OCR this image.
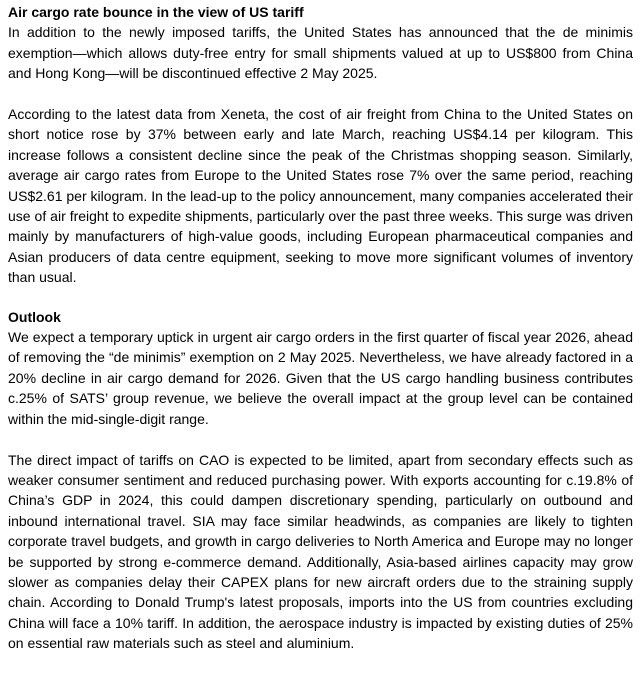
Air cargo rate bounce in the view of US tariff

In addition to the newly imposed tariffs, the United States has announced that the de minimis exemption—which allows duty-free entry for small shipments valued at up to US$800 from China and Hong Kong—will be discontinued effective 2 May 2025.

According to the latest data from Xeneta, the cost of air freight from China to the United States on short notice rose by 37% between early and late March, reaching US$4.14 per kilogram. This increase follows a consistent decline since the peak of the Christmas shopping season. Similarly, average air cargo rates from Europe to the United States rose 7% over the same period, reaching US$2.61 per kilogram. In the lead-up to the policy announcement, many companies accelerated their use of air freight to expedite shipments, particularly over the past three weeks. This surge was driven mainly by manufacturers of high-value goods, including European pharmaceutical companies and Asian producers of data centre equipment, seeking to move more significant volumes of inventory than usual.

Outlook

We expect a temporary uptick in urgent air cargo orders in the first quarter of fiscal year 2026, ahead of removing the “de minimis” exemption on 2 May 2025. Nevertheless, we have already factored in a 20% decline in air cargo demand for 2026. Given that the US cargo handling business contributes c.25% of SATS’ group revenue, we believe the overall impact at the group level can be contained within the mid-single-digit range.

The direct impact of tariffs on CAO is expected to be limited, apart from secondary effects such as weaker consumer sentiment and reduced purchasing power. With exports accounting for c.19.8% of China’s GDP in 2024, this could dampen discretionary spending, particularly on outbound and inbound international travel. SIA may face similar headwinds, as companies are likely to tighten corporate travel budgets, and growth in cargo deliveries to North America and Europe may no longer be supported by strong e-commerce demand. Additionally, Asia-based airlines capacity may grow slower as companies delay their CAPEX plans for new aircraft orders due to the straining supply chain. According to Donald Trump's latest proposals, imports into the US from countries excluding China will face a 10% tariff. In addition, the aerospace industry is impacted by existing duties of 25% on essential raw materials such as steel and aluminium.
